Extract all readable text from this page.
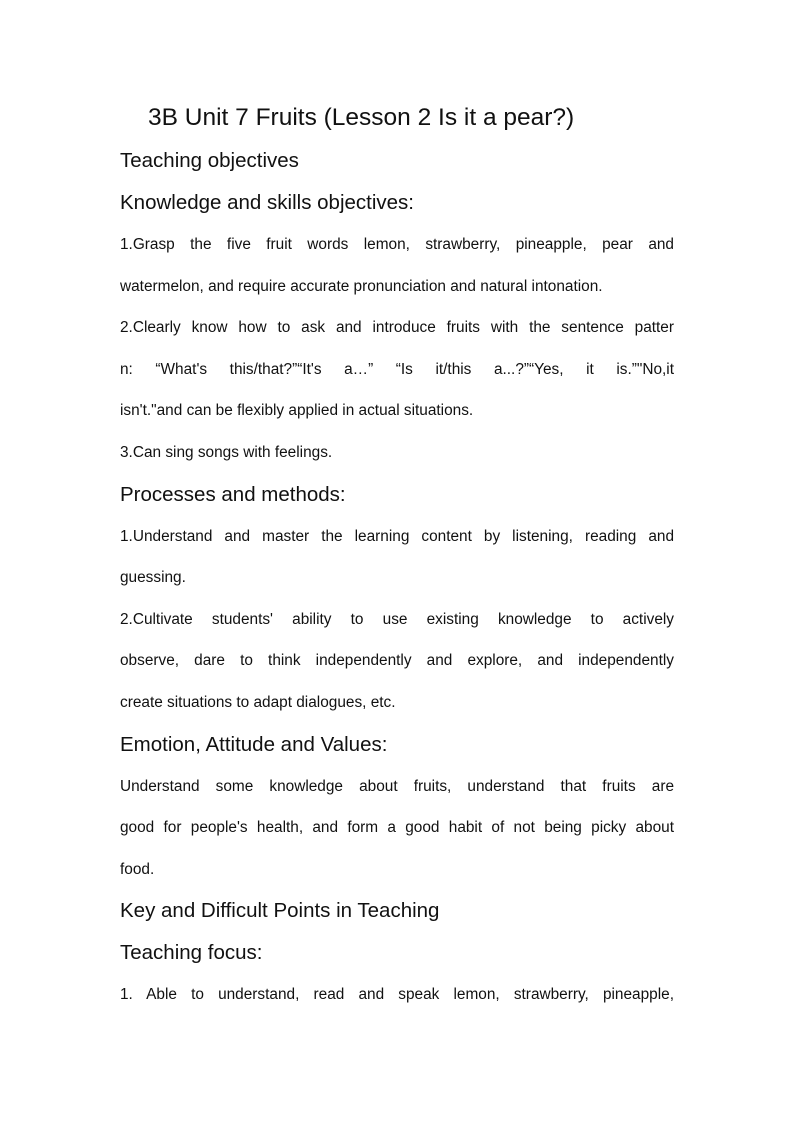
3B Unit 7 Fruits (Lesson 2 Is it a pear?)
Teaching objectives
Knowledge and skills objectives:

1.Grasp the five fruit words lemon, strawberry, pineapple, pear and
watermelon, and require accurate pronunciation and natural intonation.

2.Clearly know how to ask and introduce fruits with the sentence patter
n: “What's this/that?”“It's a…” “Is it/this a...?”“Yes, it is.”"No,it
isn't."and can be flexibly applied in actual situations.

3.Can sing songs with feelings.

Processes and methods:

1.Understand and master the learning content by listening, reading and
guessing.

2.Cultivate students' ability to use existing knowledge to actively
observe, dare to think independently and explore, and independently
create situations to adapt dialogues, etc.

Emotion, Attitude and Values:

Understand some knowledge about fruits, understand that fruits are
good for people's health, and form a good habit of not being picky about
food.

Key and Difficult Points in Teaching
Teaching focus:

1. Able to understand, read and speak lemon, strawberry, pineapple,
